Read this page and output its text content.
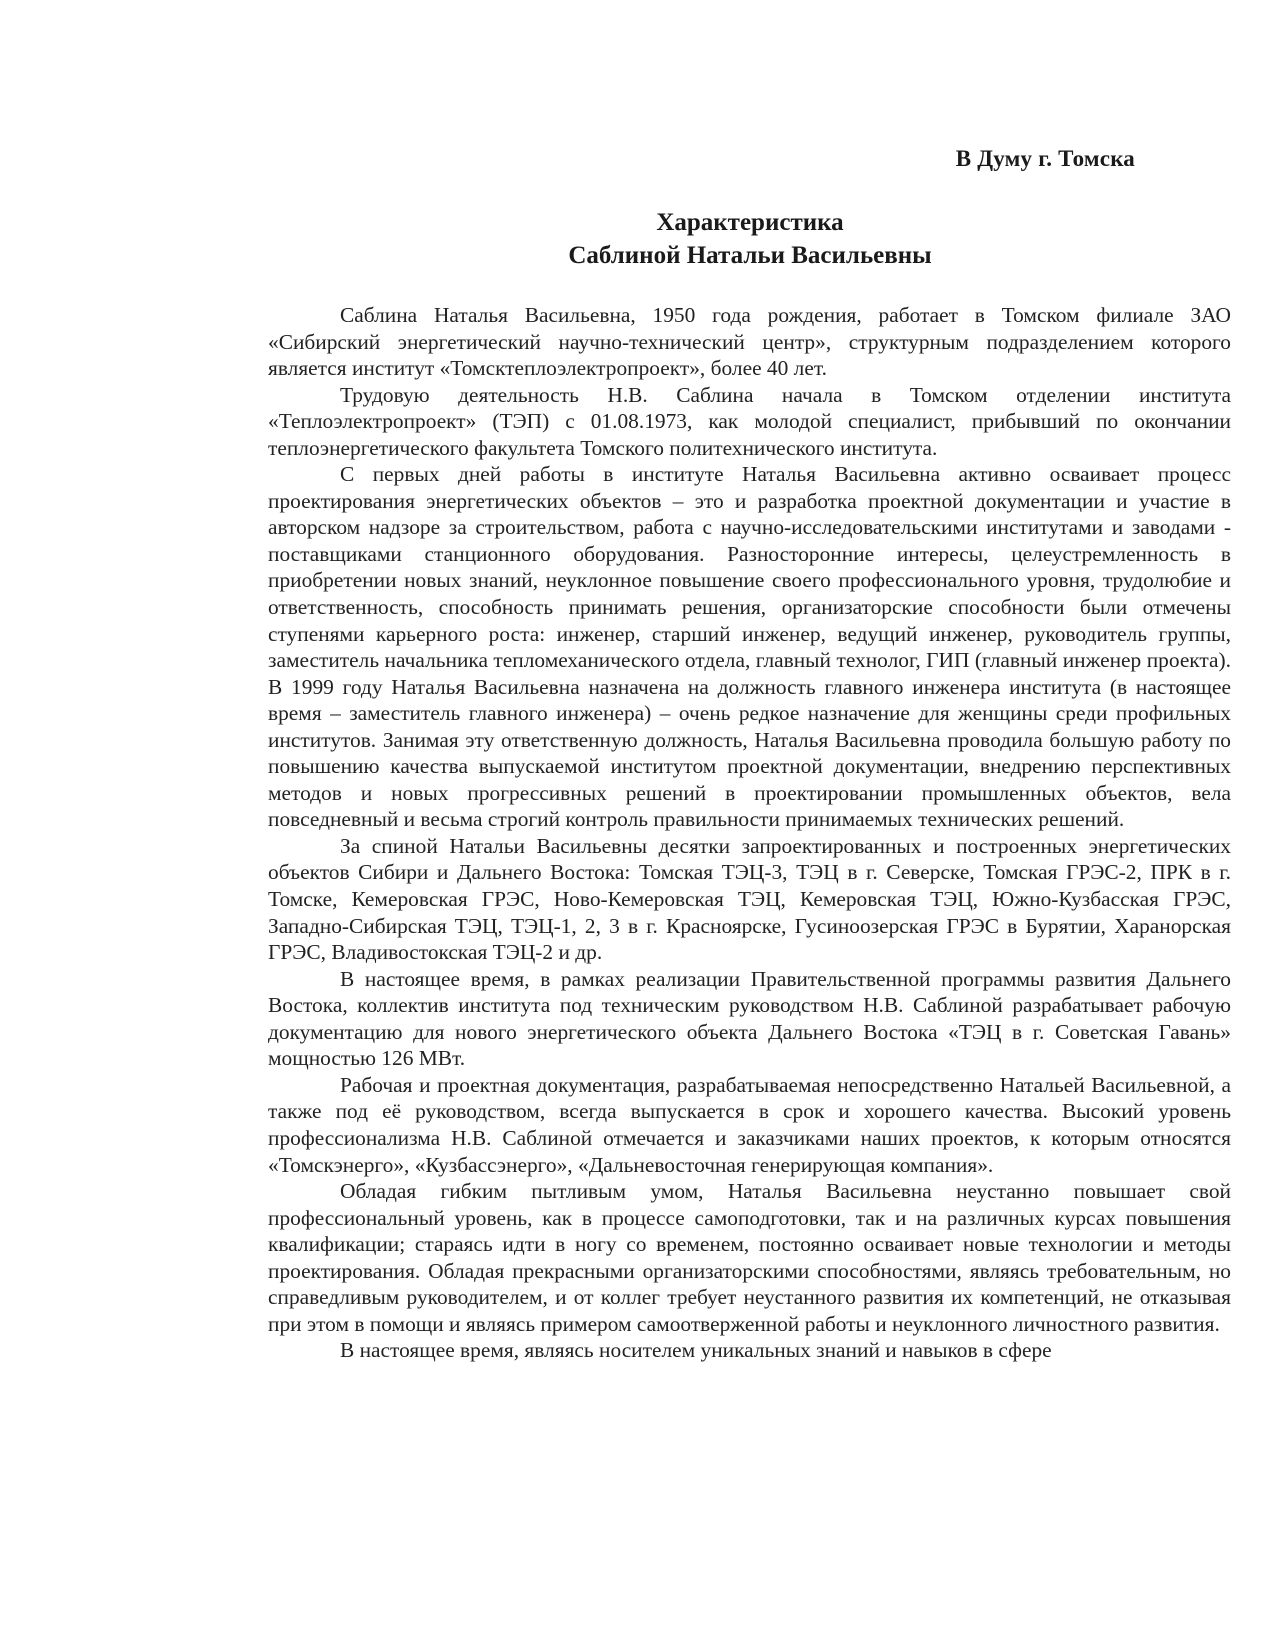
В Думу г. Томска
Характеристика
Саблиной Натальи Васильевны

Саблина Наталья Васильевна, 1950 года рождения, работает в Томском филиале ЗАО «Сибирский энергетический научно-технический центр», структурным подразделением которого является институт «Томсктеплоэлектропроект», более 40 лет.

Трудовую деятельность Н.В. Саблина начала в Томском отделении института «Теплоэлектропроект» (ТЭП) с 01.08.1973, как молодой специалист, прибывший по окончании теплоэнергетического факультета Томского политехнического института.

С первых дней работы в институте Наталья Васильевна активно осваивает процесс проектирования энергетических объектов – это и разработка проектной документации и участие в авторском надзоре за строительством, работа с научно-исследовательскими институтами и заводами - поставщиками станционного оборудования. Разносторонние интересы, целеустремленность в приобретении новых знаний, неуклонное повышение своего профессионального уровня, трудолюбие и ответственность, способность принимать решения, организаторские способности были отмечены ступенями карьерного роста: инженер, старший инженер, ведущий инженер, руководитель группы, заместитель начальника тепломеханического отдела, главный технолог, ГИП (главный инженер проекта). В 1999 году Наталья Васильевна назначена на должность главного инженера института (в настоящее время – заместитель главного инженера) – очень редкое назначение для женщины среди профильных институтов. Занимая эту ответственную должность, Наталья Васильевна проводила большую работу по повышению качества выпускаемой институтом проектной документации, внедрению перспективных методов и новых прогрессивных решений в проектировании промышленных объектов, вела повседневный и весьма строгий контроль правильности принимаемых технических решений.

За спиной Натальи Васильевны десятки запроектированных и построенных энергетических объектов Сибири и Дальнего Востока: Томская ТЭЦ-3, ТЭЦ в г. Северске, Томская ГРЭС-2, ПРК в г. Томске, Кемеровская ГРЭС, Ново-Кемеровская ТЭЦ, Кемеровская ТЭЦ, Южно-Кузбасская ГРЭС, Западно-Сибирская ТЭЦ, ТЭЦ-1, 2, 3 в г. Красноярске, Гусиноозерская ГРЭС в Бурятии, Харанорская ГРЭС, Владивостокская ТЭЦ-2 и др.

В настоящее время, в рамках реализации Правительственной программы развития Дальнего Востока, коллектив института под техническим руководством Н.В. Саблиной разрабатывает рабочую документацию для нового энергетического объекта Дальнего Востока «ТЭЦ в г. Советская Гавань» мощностью 126 МВт.

Рабочая и проектная документация, разрабатываемая непосредственно Натальей Васильевной, а также под её руководством, всегда выпускается в срок и хорошего качества. Высокий уровень профессионализма Н.В. Саблиной отмечается и заказчиками наших проектов, к которым относятся «Томскэнерго», «Кузбассэнерго», «Дальневосточная генерирующая компания».

Обладая гибким пытливым умом, Наталья Васильевна неустанно повышает свой профессиональный уровень, как в процессе самоподготовки, так и на различных курсах повышения квалификации; стараясь идти в ногу со временем, постоянно осваивает новые технологии и методы проектирования. Обладая прекрасными организаторскими способностями, являясь требовательным, но справедливым руководителем, и от коллег требует неустанного развития их компетенций, не отказывая при этом в помощи и являясь примером самоотверженной работы и неуклонного личностного развития.

В настоящее время, являясь носителем уникальных знаний и навыков в сфере
